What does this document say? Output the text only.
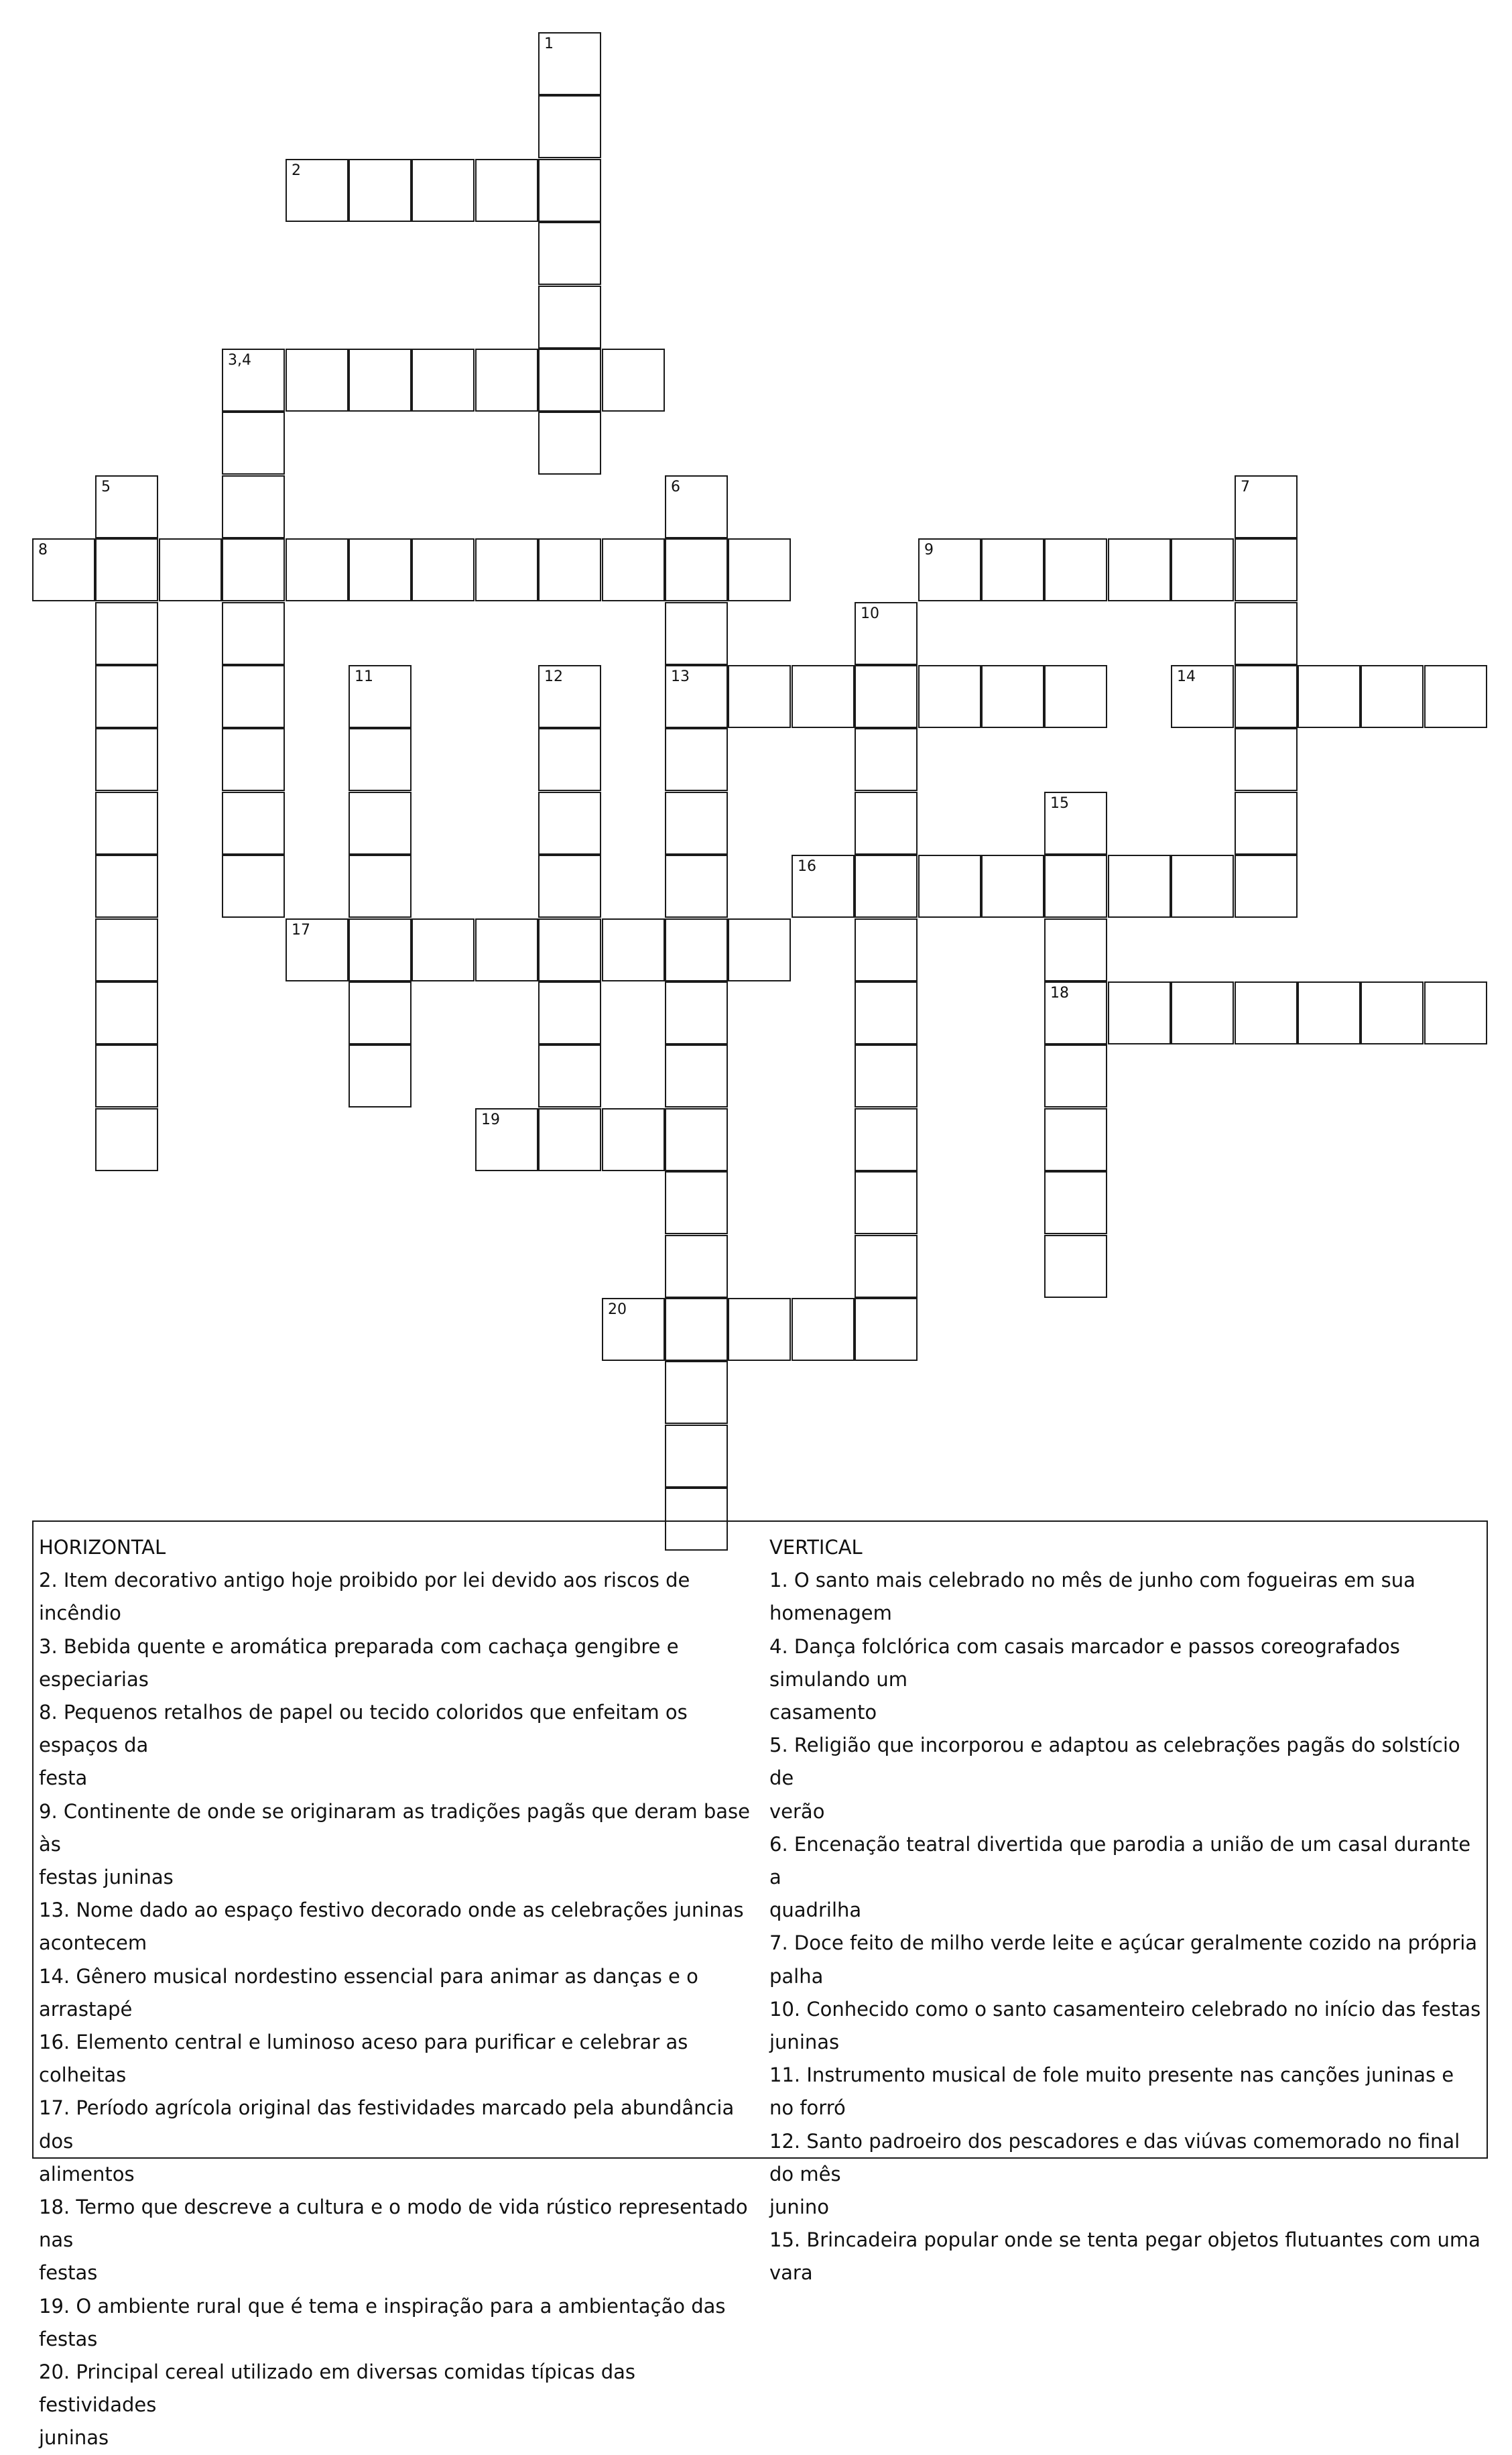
1
2
3,4
5	6
13
7
8	9
10
11	12	14
15
18
16
17
19
20
HORIZONTAL
2. Item decorativo antigo hoje proibido por lei devido aos riscos de incêndio
3. Bebida quente e aromática preparada com cachaça gengibre e especiarias
8. Pequenos retalhos de papel ou tecido coloridos que enfeitam os espaços da
festa
9. Continente de onde se originaram as tradições pagãs que deram base às
festas juninas
13. Nome dado ao espaço festivo decorado onde as celebrações juninas
acontecem
14. Gênero musical nordestino essencial para animar as danças e o arrastapé
16. Elemento central e luminoso aceso para purificar e celebrar as colheitas
17. Período agrícola original das festividades marcado pela abundância dos
alimentos
18. Termo que descreve a cultura e o modo de vida rústico representado nas
festas
19. O ambiente rural que é tema e inspiração para a ambientação das festas
20. Principal cereal utilizado em diversas comidas típicas das festividades
juninas
VERTICAL
1. O santo mais celebrado no mês de junho com fogueiras em sua homenagem
4. Dança folclórica com casais marcador e passos coreografados simulando um
casamento
5. Religião que incorporou e adaptou as celebrações pagãs do solstício de
verão
6. Encenação teatral divertida que parodia a união de um casal durante a
quadrilha
7. Doce feito de milho verde leite e açúcar geralmente cozido na própria palha
10. Conhecido como o santo casamenteiro celebrado no início das festas
juninas
11. Instrumento musical de fole muito presente nas canções juninas e no forró
12. Santo padroeiro dos pescadores e das viúvas comemorado no final do mês
junino
15. Brincadeira popular onde se tenta pegar objetos flutuantes com uma vara
